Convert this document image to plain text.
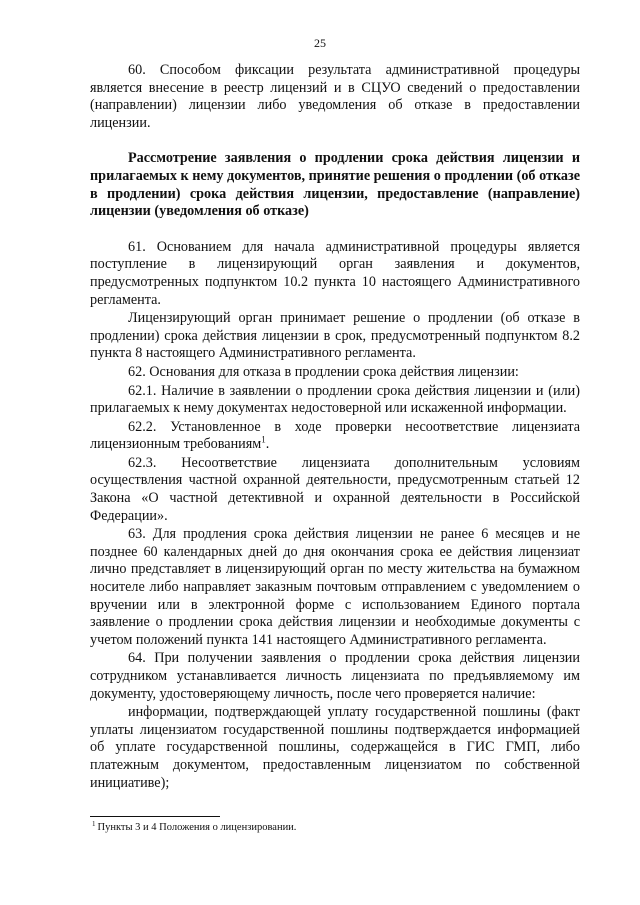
25

60. Способом фиксации результата административной процедуры является внесение в реестр лицензий и в СЦУО сведений о предоставлении (направлении) лицензии либо уведомления об отказе в предоставлении лицензии.

Рассмотрение заявления о продлении срока действия лицензии и прилагаемых к нему документов, принятие решения о продлении (об отказе в продлении) срока действия лицензии, предоставление (направление) лицензии (уведомления об отказе)

61. Основанием для начала административной процедуры является поступление в лицензирующий орган заявления и документов, предусмотренных подпунктом 10.2 пункта 10 настоящего Административного регламента.

Лицензирующий орган принимает решение о продлении (об отказе в продлении) срока действия лицензии в срок, предусмотренный подпунктом 8.2 пункта 8 настоящего Административного регламента.

62. Основания для отказа в продлении срока действия лицензии:

62.1. Наличие в заявлении о продлении срока действия лицензии и (или) прилагаемых к нему документах недостоверной или искаженной информации.

62.2. Установленное в ходе проверки несоответствие лицензиата лицензионным требованиям$^1$.

62.3. Несоответствие лицензиата дополнительным условиям осуществления частной охранной деятельности, предусмотренным статьей 12 Закона «О частной детективной и охранной деятельности в Российской Федерации».

63. Для продления срока действия лицензии не ранее 6 месяцев и не позднее 60 календарных дней до дня окончания срока ее действия лицензиат лично представляет в лицензирующий орган по месту жительства на бумажном носителе либо направляет заказным почтовым отправлением с уведомлением о вручении или в электронной форме с использованием Единого портала заявление о продлении срока действия лицензии и необходимые документы с учетом положений пункта 141 настоящего Административного регламента.

64. При получении заявления о продлении срока действия лицензии сотрудником устанавливается личность лицензиата по предъявляемому им документу, удостоверяющему личность, после чего проверяется наличие:

информации, подтверждающей уплату государственной пошлины (факт уплаты лицензиатом государственной пошлины подтверждается информацией об уплате государственной пошлины, содержащейся в ГИС ГМП, либо платежным документом, предоставленным лицензиатом по собственной инициативе);

$^1$ Пункты 3 и 4 Положения о лицензировании.
